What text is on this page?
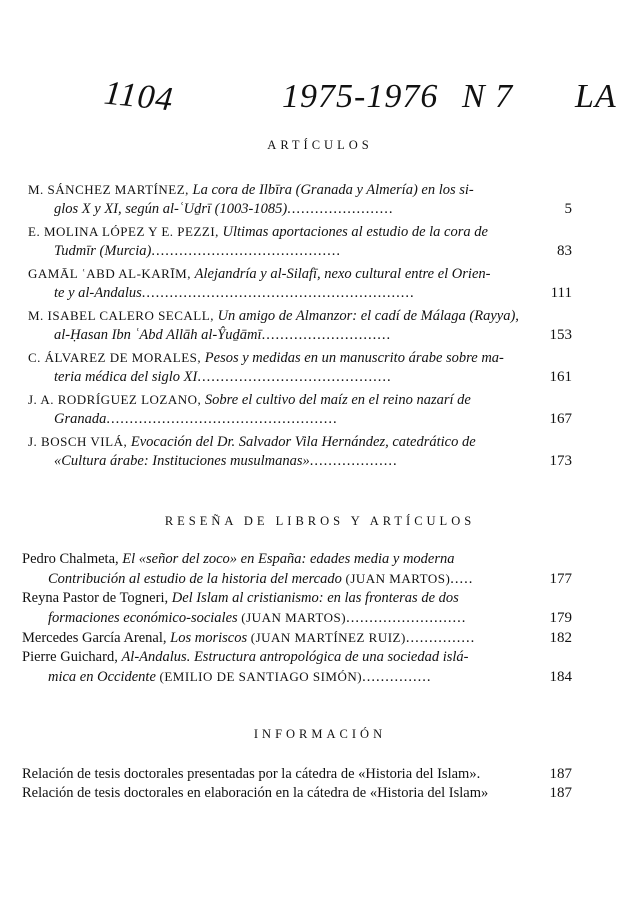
1104	1975-1976 N 7 LA
ARTÍCULOS
M. SÁNCHEZ MARTÍNEZ, La cora de Ilbīra (Granada y Almería) en los si-
glos X y XI, según al-ʿUḏrī (1003-1085).......................	5
E. MOLINA LÓPEZ Y E. PEZZI, Ultimas aportaciones al estudio de la cora de
Tudmīr (Murcia).........................................	83
GAMĀL ʿABD AL-KARĪM, Alejandría y al-Silafī, nexo cultural entre el Orien-
te y al-Andalus...........................................................	111
M. ISABEL CALERO SECALL, Un amigo de Almanzor: el cadí de Málaga (Rayya),
al-Ḥasan Ibn ʿAbd Allāh al-Ŷuḏāmī............................	153
C. ÁLVAREZ DE MORALES, Pesos y medidas en un manuscrito árabe sobre ma-
teria médica del siglo XI..........................................	161
J. A. RODRÍGUEZ LOZANO, Sobre el cultivo del maíz en el reino nazarí de
Granada..................................................	167
J. BOSCH VILÁ, Evocación del Dr. Salvador Vila Hernández, catedrático de
«Cultura árabe: Instituciones musulmanas»...................	173
RESEÑA DE LIBROS Y ARTÍCULOS
Pedro Chalmeta, El «señor del zoco» en España: edades media y moderna
Contribución al estudio de la historia del mercado (JUAN MARTOS).....	177
Reyna Pastor de Togneri, Del Islam al cristianismo: en las fronteras de dos
formaciones económico-sociales (JUAN MARTOS)..........................	179
Mercedes García Arenal, Los moriscos (JUAN MARTÍNEZ RUIZ)...............	182
Pierre Guichard, Al-Andalus. Estructura antropológica de una sociedad islá-
mica en Occidente (EMILIO DE SANTIAGO SIMÓN)...............	184
INFORMACIÓN
Relación de tesis doctorales presentadas por la cátedra de «Historia del Islam».	187
Relación de tesis doctorales en elaboración en la cátedra de «Historia del Islam»	187
